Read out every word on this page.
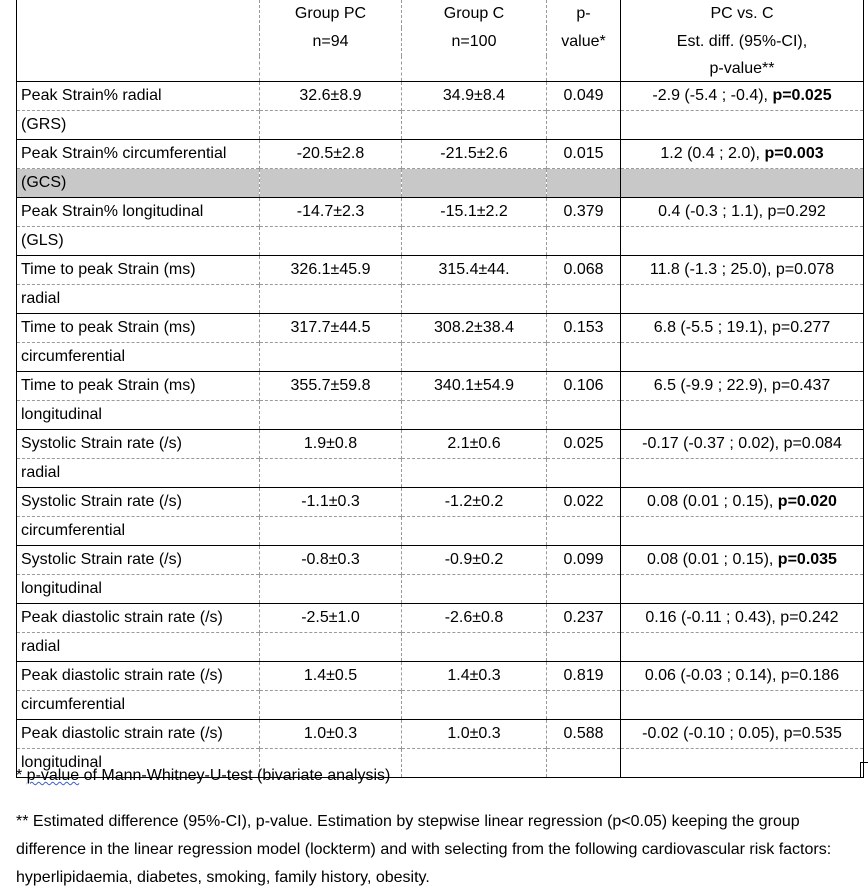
	Group PC	Group C	p-	PC vs. C
	n=94	n=100	value*	Est. diff. (95%-CI),
				p-value**
Peak Strain% radial	32.6±8.9	34.9±8.4	0.049	-2.9 (-5.4 ; -0.4), p=0.025
(GRS)				
Peak Strain% circumferential	-20.5±2.8	-21.5±2.6	0.015	1.2 (0.4 ; 2.0), p=0.003
(GCS)				
Peak Strain% longitudinal	-14.7±2.3	-15.1±2.2	0.379	0.4 (-0.3 ; 1.1), p=0.292
(GLS)				
Time to peak Strain (ms)	326.1±45.9	315.4±44.	0.068	11.8 (-1.3 ; 25.0), p=0.078
radial				
Time to peak Strain (ms)	317.7±44.5	308.2±38.4	0.153	6.8 (-5.5 ; 19.1), p=0.277
circumferential				
Time to peak Strain (ms)	355.7±59.8	340.1±54.9	0.106	6.5 (-9.9 ; 22.9), p=0.437
longitudinal				
Systolic Strain rate (/s)	1.9±0.8	2.1±0.6	0.025	-0.17 (-0.37 ; 0.02), p=0.084
radial				
Systolic Strain rate (/s)	-1.1±0.3	-1.2±0.2	0.022	0.08 (0.01 ; 0.15), p=0.020
circumferential				
Systolic Strain rate (/s)	-0.8±0.3	-0.9±0.2	0.099	0.08 (0.01 ; 0.15), p=0.035
longitudinal				
Peak diastolic strain rate (/s)	-2.5±1.0	-2.6±0.8	0.237	0.16 (-0.11 ; 0.43), p=0.242
radial				
Peak diastolic strain rate (/s)	1.4±0.5	1.4±0.3	0.819	0.06 (-0.03 ; 0.14), p=0.186
circumferential				
Peak diastolic strain rate (/s)	1.0±0.3	1.0±0.3	0.588	-0.02 (-0.10 ; 0.05), p=0.535
longitudinal				
* p-value of Mann-Whitney-U-test (bivariate analysis)
** Estimated difference (95%-CI), p-value. Estimation by stepwise linear regression (p<0.05) keeping the group difference in the linear regression model (lockterm) and with selecting from the following cardiovascular risk factors: hyperlipidaemia, diabetes, smoking, family history, obesity.
